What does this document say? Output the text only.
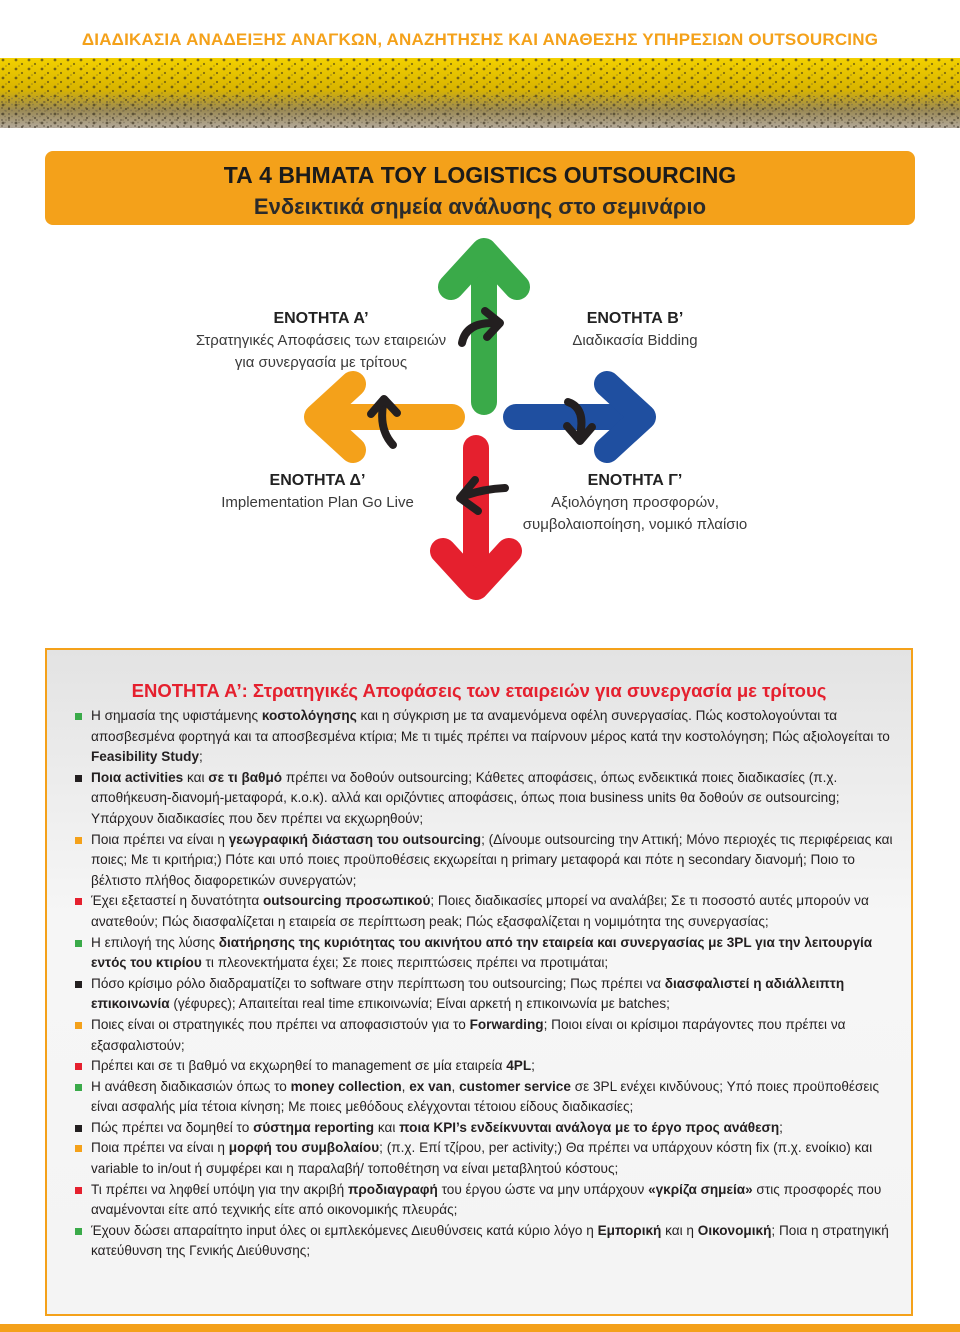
ΔΙΑΔΙΚΑΣΙΑ ΑΝΑΔΕΙΞΗΣ ΑΝΑΓΚΩΝ, ΑΝΑΖΗΤΗΣΗΣ ΚΑΙ ΑΝΑΘΕΣΗΣ ΥΠΗΡΕΣΙΩΝ OUTSOURCING
ΤΑ 4 ΒΗΜΑΤΑ ΤΟΥ LOGISTICS OUTSOURCING
Ενδεικτικά σημεία ανάλυσης στο σεμινάριο
ΕΝΟΤΗΤΑ Α’
Στρατηγικές Αποφάσεις των εταιρειών
για συνεργασία με τρίτους
ΕΝΟΤΗΤΑ Β’
Διαδικασία Bidding
ΕΝΟΤΗΤΑ Δ’
Implementation Plan Go Live
ΕΝΟΤΗΤΑ Γ’
Αξιολόγηση προσφορών,
συμβολαιοποίηση, νομικό πλαίσιο
ΕΝΟΤΗΤΑ Α’: Στρατηγικές Αποφάσεις των εταιρειών για συνεργασία με τρίτους
Η σημασία της υφιστάμενης κοστολόγησης και η σύγκριση με τα αναμενόμενα οφέλη συνεργασίας. Πώς κοστολογούνται τα αποσβεσμένα φορτηγά και τα αποσβεσμένα κτίρια; Με τι τιμές πρέπει να παίρνουν μέρος κατά την κοστολόγηση; Πώς αξιολογείται το Feasibility Study;
Ποια activities και σε τι βαθμό πρέπει να δοθούν outsourcing; Κάθετες αποφάσεις, όπως ενδεικτικά ποιες διαδικασίες (π.χ. αποθήκευση-διανομή-μεταφορά, κ.ο.κ). αλλά και οριζόντιες αποφάσεις, όπως ποια business units θα δοθούν σε outsourcing; Υπάρχουν διαδικασίες που δεν πρέπει να εκχωρηθούν;
Ποια πρέπει να είναι η γεωγραφική διάσταση του outsourcing; (Δίνουμε outsourcing την Αττική; Μόνο περιοχές τις περιφέρειας και ποιες; Με τι κριτήρια;) Πότε και υπό ποιες προϋποθέσεις εκχωρείται η primary μεταφορά και πότε η secondary διανομή; Ποιο το βέλτιστο πλήθος διαφορετικών συνεργατών;
Έχει εξεταστεί η δυνατότητα outsourcing προσωπικού; Ποιες διαδικασίες μπορεί να αναλάβει; Σε τι ποσοστό αυτές μπορούν να ανατεθούν; Πώς διασφαλίζεται η εταιρεία σε περίπτωση peak; Πώς εξασφαλίζεται η νομιμότητα της συνεργασίας;
Η επιλογή της λύσης διατήρησης της κυριότητας του ακινήτου από την εταιρεία και συνεργασίας με 3PL για την λειτουργία εντός του κτιρίου τι πλεονεκτήματα έχει; Σε ποιες περιπτώσεις πρέπει να προτιμάται;
Πόσο κρίσιμο ρόλο διαδραματίζει το software στην περίπτωση του outsourcing; Πως πρέπει να διασφαλιστεί η αδιάλλειπτη επικοινωνία (γέφυρες); Απαιτείται real time επικοινωνία; Είναι αρκετή η επικοινωνία με batches;
Ποιες είναι οι στρατηγικές που πρέπει να αποφασιστούν για το Forwarding; Ποιοι είναι οι κρίσιμοι παράγοντες που πρέπει να εξασφαλιστούν;
Πρέπει και σε τι βαθμό να εκχωρηθεί το management σε μία εταιρεία 4PL;
Η ανάθεση διαδικασιών όπως το money collection, ex van, customer service σε 3PL ενέχει κινδύνους; Υπό ποιες προϋποθέσεις είναι ασφαλής μία τέτοια κίνηση; Με ποιες μεθόδους ελέγχονται τέτοιου είδους διαδικασίες;
Πώς πρέπει να δομηθεί το σύστημα reporting και ποια KPI’s ενδείκνυνται ανάλογα με το έργο προς ανάθεση;
Ποια πρέπει να είναι η μορφή του συμβολαίου; (π.χ. Επί τζίρου, per activity;) Θα πρέπει να υπάρχουν κόστη fix (π.χ. ενοίκιο) και variable to in/out ή συμφέρει και η παραλαβή/ τοποθέτηση να είναι μεταβλητού κόστους;
Τι πρέπει να ληφθεί υπόψη για την ακριβή προδιαγραφή του έργου ώστε να μην υπάρχουν «γκρίζα σημεία» στις προσφορές που αναμένονται είτε από τεχνικής είτε από οικονομικής πλευράς;
Έχουν δώσει απαραίτητο input όλες οι εμπλεκόμενες Διευθύνσεις κατά κύριο λόγο η Εμπορική και η Οικονομική; Ποια η στρατηγική κατεύθυνση της Γενικής Διεύθυνσης;
